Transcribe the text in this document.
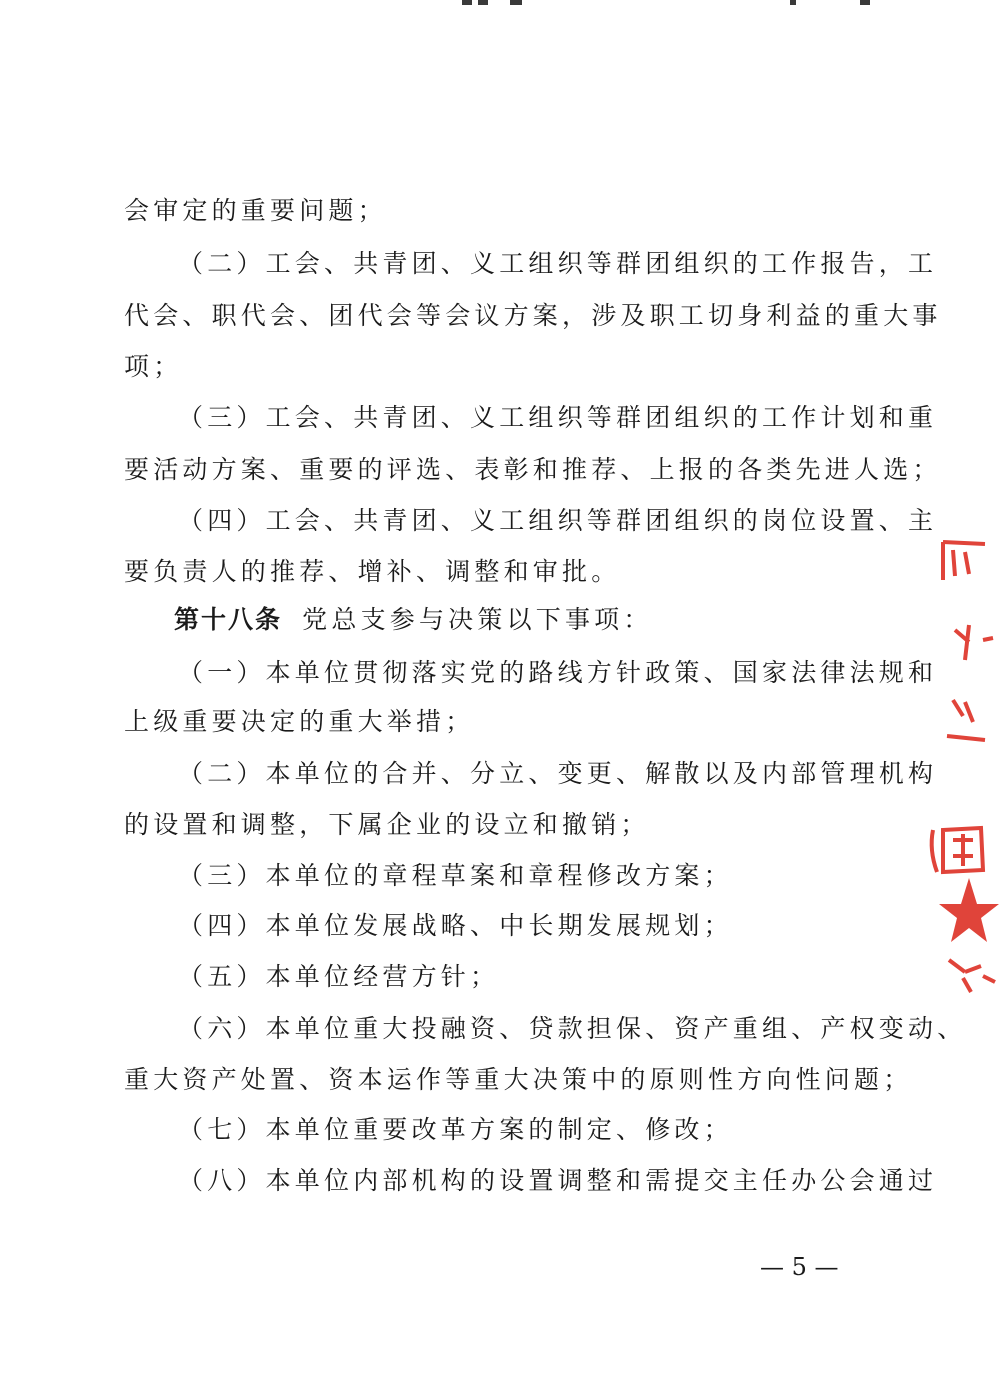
会审定的重要问题；
（二）工会、共青团、义工组织等群团组织的工作报告，工
代会、职代会、团代会等会议方案，涉及职工切身利益的重大事
项；
（三）工会、共青团、义工组织等群团组织的工作计划和重
要活动方案、重要的评选、表彰和推荐、上报的各类先进人选；
（四）工会、共青团、义工组织等群团组织的岗位设置、主
要负责人的推荐、增补、调整和审批。
第十八条 党总支参与决策以下事项：
（一）本单位贯彻落实党的路线方针政策、国家法律法规和
上级重要决定的重大举措；
（二）本单位的合并、分立、变更、解散以及内部管理机构
的设置和调整，下属企业的设立和撤销；
（三）本单位的章程草案和章程修改方案；
（四）本单位发展战略、中长期发展规划；
（五）本单位经营方针；
（六）本单位重大投融资、贷款担保、资产重组、产权变动、
重大资产处置、资本运作等重大决策中的原则性方向性问题；
（七）本单位重要改革方案的制定、修改；
（八）本单位内部机构的设置调整和需提交主任办公会通过
— 5 —
